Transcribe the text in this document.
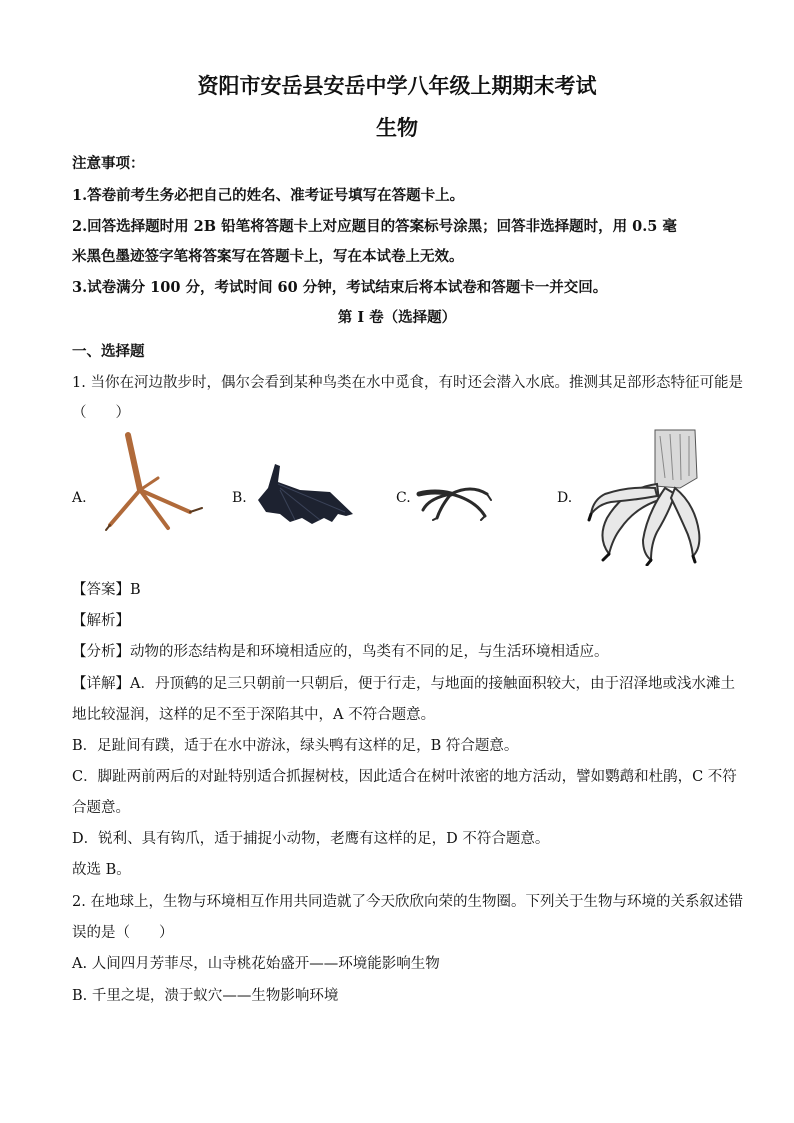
资阳市安岳县安岳中学八年级上期期末考试
生物
注意事项：
1.答卷前考生务必把自己的姓名、准考证号填写在答题卡上。
2.回答选择题时用 2B 铅笔将答题卡上对应题目的答案标号涂黑；回答非选择题时，用 0.5 毫
米黑色墨迹签字笔将答案写在答题卡上，写在本试卷上无效。
3.试卷满分 100 分，考试时间 60 分钟，考试结束后将本试卷和答题卡一并交回。
第 I 卷（选择题）
一、选择题
1. 当你在河边散步时，偶尔会看到某种鸟类在水中觅食，有时还会潜入水底。推测其足部形态特征可能是
（　　）
A.	B.	C.	D.
【答案】B
【解析】
【分析】动物的形态结构是和环境相适应的，鸟类有不同的足，与生活环境相适应。
【详解】A．丹顶鹤的足三只朝前一只朝后，便于行走，与地面的接触面积较大，由于沼泽地或浅水滩土
地比较湿润，这样的足不至于深陷其中，A 不符合题意。
B．足趾间有蹼，适于在水中游泳，绿头鸭有这样的足，B 符合题意。
C．脚趾两前两后的对趾特别适合抓握树枝，因此适合在树叶浓密的地方活动，譬如鹦鹉和杜鹃，C 不符
合题意。
D．锐利、具有钩爪，适于捕捉小动物，老鹰有这样的足，D 不符合题意。
故选 B。
2. 在地球上，生物与环境相互作用共同造就了今天欣欣向荣的生物圈。下列关于生物与环境的关系叙述错
误的是（　　）
A. 人间四月芳菲尽，山寺桃花始盛开——环境能影响生物
B. 千里之堤，溃于蚁穴——生物影响环境
